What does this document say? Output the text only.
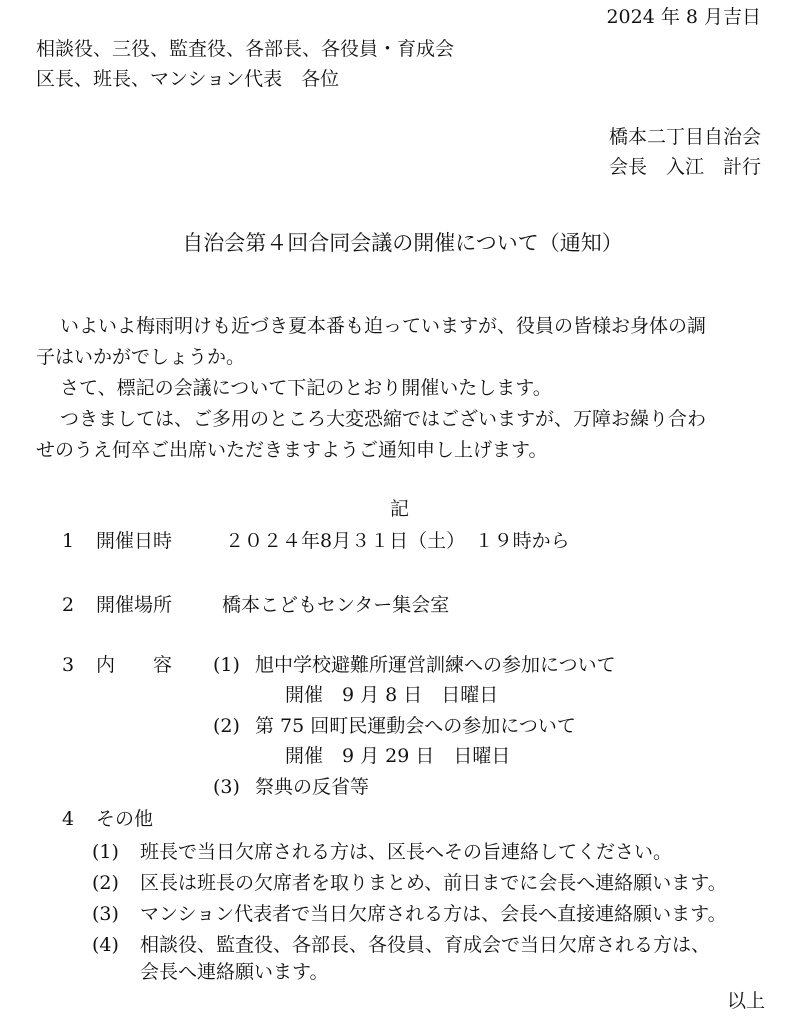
2024 年 8 月吉日
相談役、三役、監査役、各部長、各役員・育成会
区長、班長、マンション代表　各位
橋本二丁目自治会
会長　入江　計行
自治会第４回合同会議の開催について（通知）
いよいよ梅雨明けも近づき夏本番も迫っていますが、役員の皆様お身体の調
子はいかがでしょうか。
さて、標記の会議について下記のとおり開催いたします。
つきましては、ご多用のところ大変恐縮ではございますが、万障お繰り合わ
せのうえ何卒ご出席いただきますようご通知申し上げます。
記
1 開催日時	２０２４年8月３１日（土）　１９時から
2 開催場所	橋本こどもセンター集会室
3 内　　容 (1) 旭中学校避難所運営訓練への参加について
開催　9 月 8 日　日曜日
(2) 第 75 回町民運動会への参加について
開催　9 月 29 日　日曜日
(3) 祭典の反省等
4 その他
(1) 班長で当日欠席される方は、区長へその旨連絡してください。
(2) 区長は班長の欠席者を取りまとめ、前日までに会長へ連絡願います。
(3) マンション代表者で当日欠席される方は、会長へ直接連絡願います。
(4) 相談役、監査役、各部長、各役員、育成会で当日欠席される方は、
会長へ連絡願います。
以上
